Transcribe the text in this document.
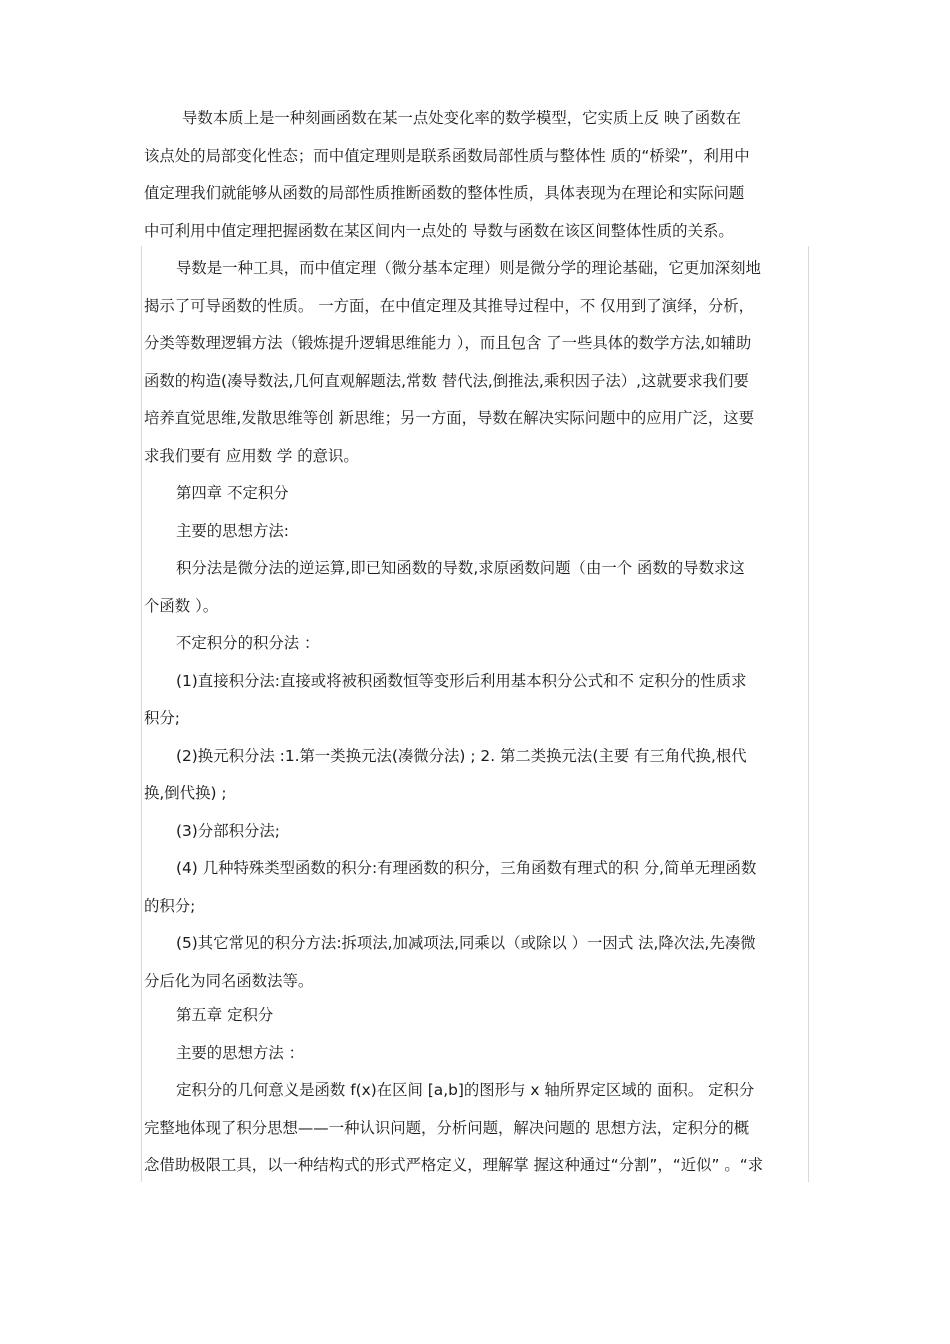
导数本质上是一种刻画函数在某一点处变化率的数学模型，它实质上反 映了函数在
该点处的局部变化性态；而中值定理则是联系函数局部性质与整体性 质的“桥梁”，利用中
值定理我们就能够从函数的局部性质推断函数的整体性质，具体表现为在理论和实际问题
中可利用中值定理把握函数在某区间内一点处的 导数与函数在该区间整体性质的关系。
导数是一种工具，而中值定理（微分基本定理）则是微分学的理论基础，它更加深刻地
揭示了可导函数的性质。 一方面，在中值定理及其推导过程中，不 仅用到了演绎，分析，
分类等数理逻辑方法（锻炼提升逻辑思维能力 ），而且包含 了一些具体的数学方法,如辅助
函数的构造(凑导数法,几何直观解题法,常数 替代法,倒推法,乘积因子法）,这就要求我们要
培养直觉思维,发散思维等创 新思维；另一方面，导数在解决实际问题中的应用广泛，这要
求我们要有 应用数 学 的意识。
第四章 不定积分
主要的思想方法:
积分法是微分法的逆运算,即已知函数的导数,求原函数问题（由一个 函数的导数求这
个函数 ）。
不定积分的积分法 ：
(1)直接积分法:直接或将被积函数恒等变形后利用基本积分公式和不 定积分的性质求
积分;
(2)换元积分法 :1.第一类换元法(凑微分法) ; 2. 第二类换元法(主要 有三角代换,根代
换,倒代换) ;
(3)分部积分法;
(4) 几种特殊类型函数的积分:有理函数的积分，三角函数有理式的积 分,简单无理函数
的积分;
(5)其它常见的积分方法:拆项法,加减项法,同乘以（或除以 ）一因式 法,降次法,先凑微
分后化为同名函数法等。
第五章 定积分
主要的思想方法 ：
定积分的几何意义是函数 f(x)在区间 [a,b]的图形与 x 轴所界定区域的 面积。 定积分
完整地体现了积分思想——一种认识问题，分析问题，解决问题的 思想方法，定积分的概
念借助极限工具，以一种结构式的形式严格定义，理解掌 握这种通过“分割”，“近似” 。“求
